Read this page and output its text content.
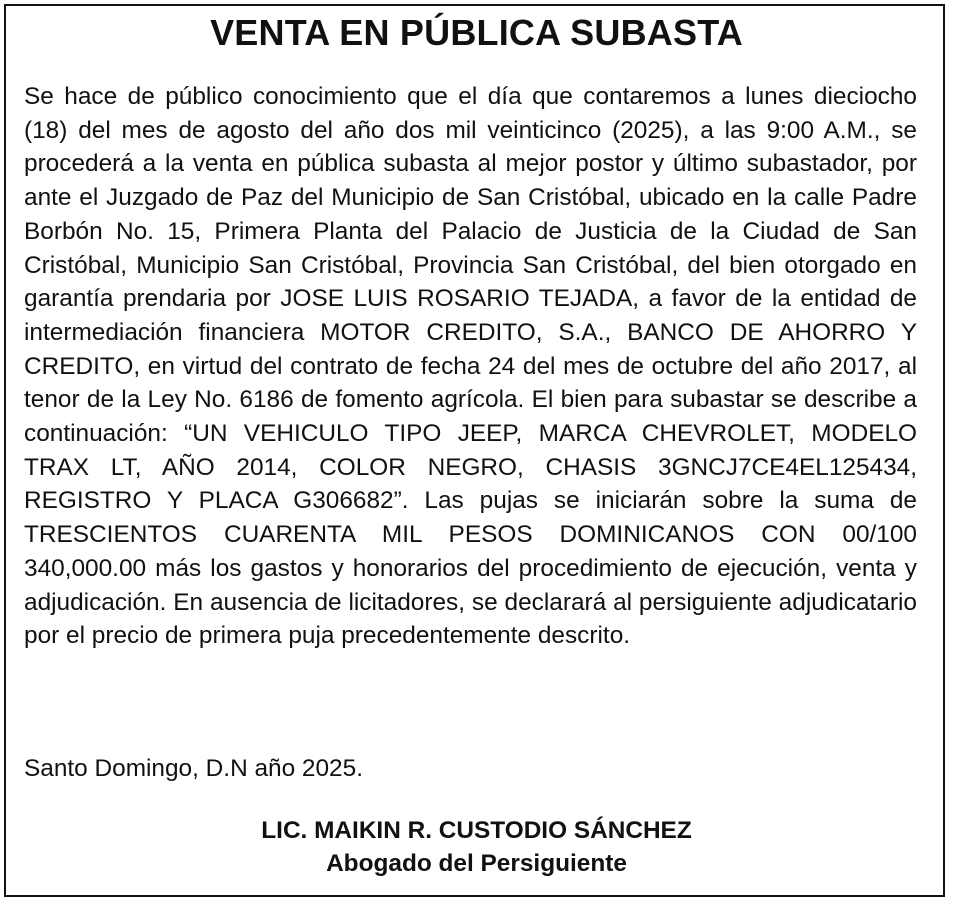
VENTA EN PÚBLICA SUBASTA

Se hace de público conocimiento que el día que contaremos a lunes dieciocho (18) del mes de agosto del año dos mil veinticinco (2025), a las 9:00 A.M., se procederá a la venta en pública subasta al mejor postor y último subastador, por ante el Juzgado de Paz del Municipio de San Cristóbal, ubicado en la calle Padre Borbón No. 15, Primera Planta del Palacio de Justicia de la Ciudad de San Cristóbal, Municipio San Cristóbal, Provincia San Cristóbal, del bien otorgado en garantía prendaria por JOSE LUIS ROSARIO TEJADA, a favor de la entidad de intermediación financiera MOTOR CREDITO, S.A., BANCO DE AHORRO Y CREDITO, en virtud del contrato de fecha 24 del mes de octubre del año 2017, al tenor de la Ley No. 6186 de fomento agrícola. El bien para subastar se describe a continuación: “UN VEHICULO TIPO JEEP, MARCA CHEVROLET, MODELO TRAX LT, AÑO 2014, COLOR NEGRO, CHASIS 3GNCJ7CE4EL125434, REGISTRO Y PLACA G306682”. Las pujas se iniciarán sobre la suma de TRESCIENTOS CUARENTA MIL PESOS DOMINICANOS CON 00/100 340,000.00 más los gastos y honorarios del procedimiento de ejecución, venta y adjudicación. En ausencia de licitadores, se declarará al persiguiente adjudicatario por el precio de primera puja precedentemente descrito.

Santo Domingo, D.N año 2025.

LIC. MAIKIN R. CUSTODIO SÁNCHEZ
Abogado del Persiguiente
